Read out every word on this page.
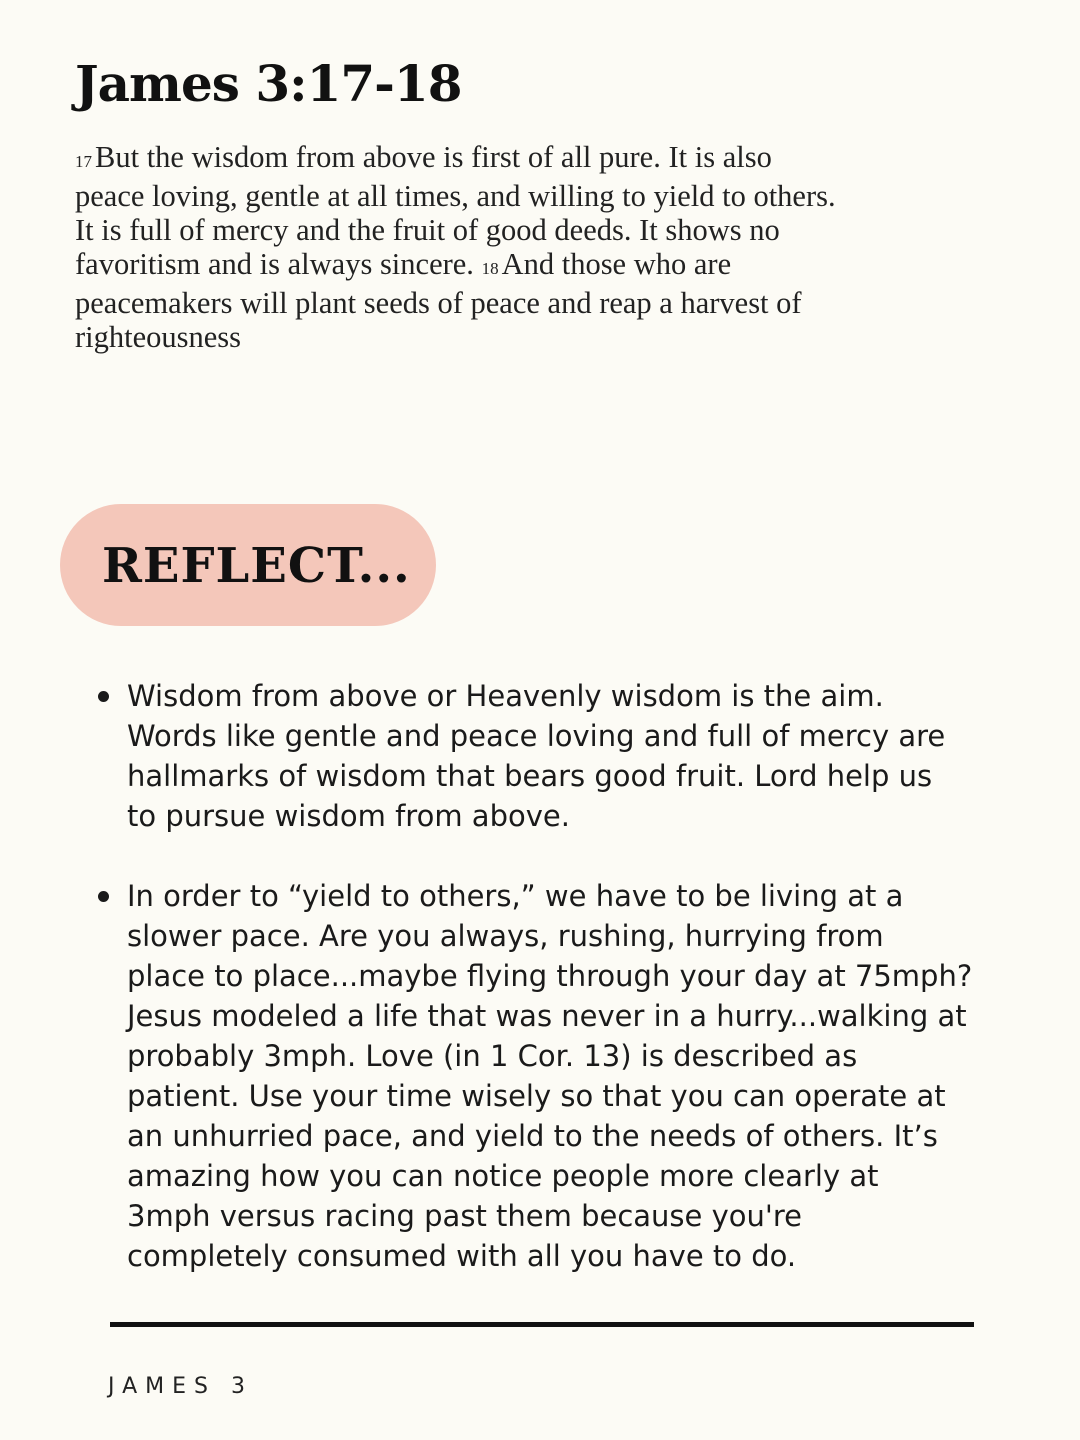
James 3:17-18
17But the wisdom from above is first of all pure. It is also
peace loving, gentle at all times, and willing to yield to others.
It is full of mercy and the fruit of good deeds. It shows no
favoritism and is always sincere. 18And those who are
peacemakers will plant seeds of peace and reap a harvest of
righteousness
REFLECT...
Wisdom from above or Heavenly wisdom is the aim.
Words like gentle and peace loving and full of mercy are
hallmarks of wisdom that bears good fruit. Lord help us
to pursue wisdom from above.
In order to “yield to others,” we have to be living at a
slower pace. Are you always, rushing, hurrying from
place to place...maybe flying through your day at 75mph?
Jesus modeled a life that was never in a hurry...walking at
probably 3mph. Love (in 1 Cor. 13) is described as
patient. Use your time wisely so that you can operate at
an unhurried pace, and yield to the needs of others. It’s
amazing how you can notice people more clearly at
3mph versus racing past them because you're
completely consumed with all you have to do.
JAMES 3
